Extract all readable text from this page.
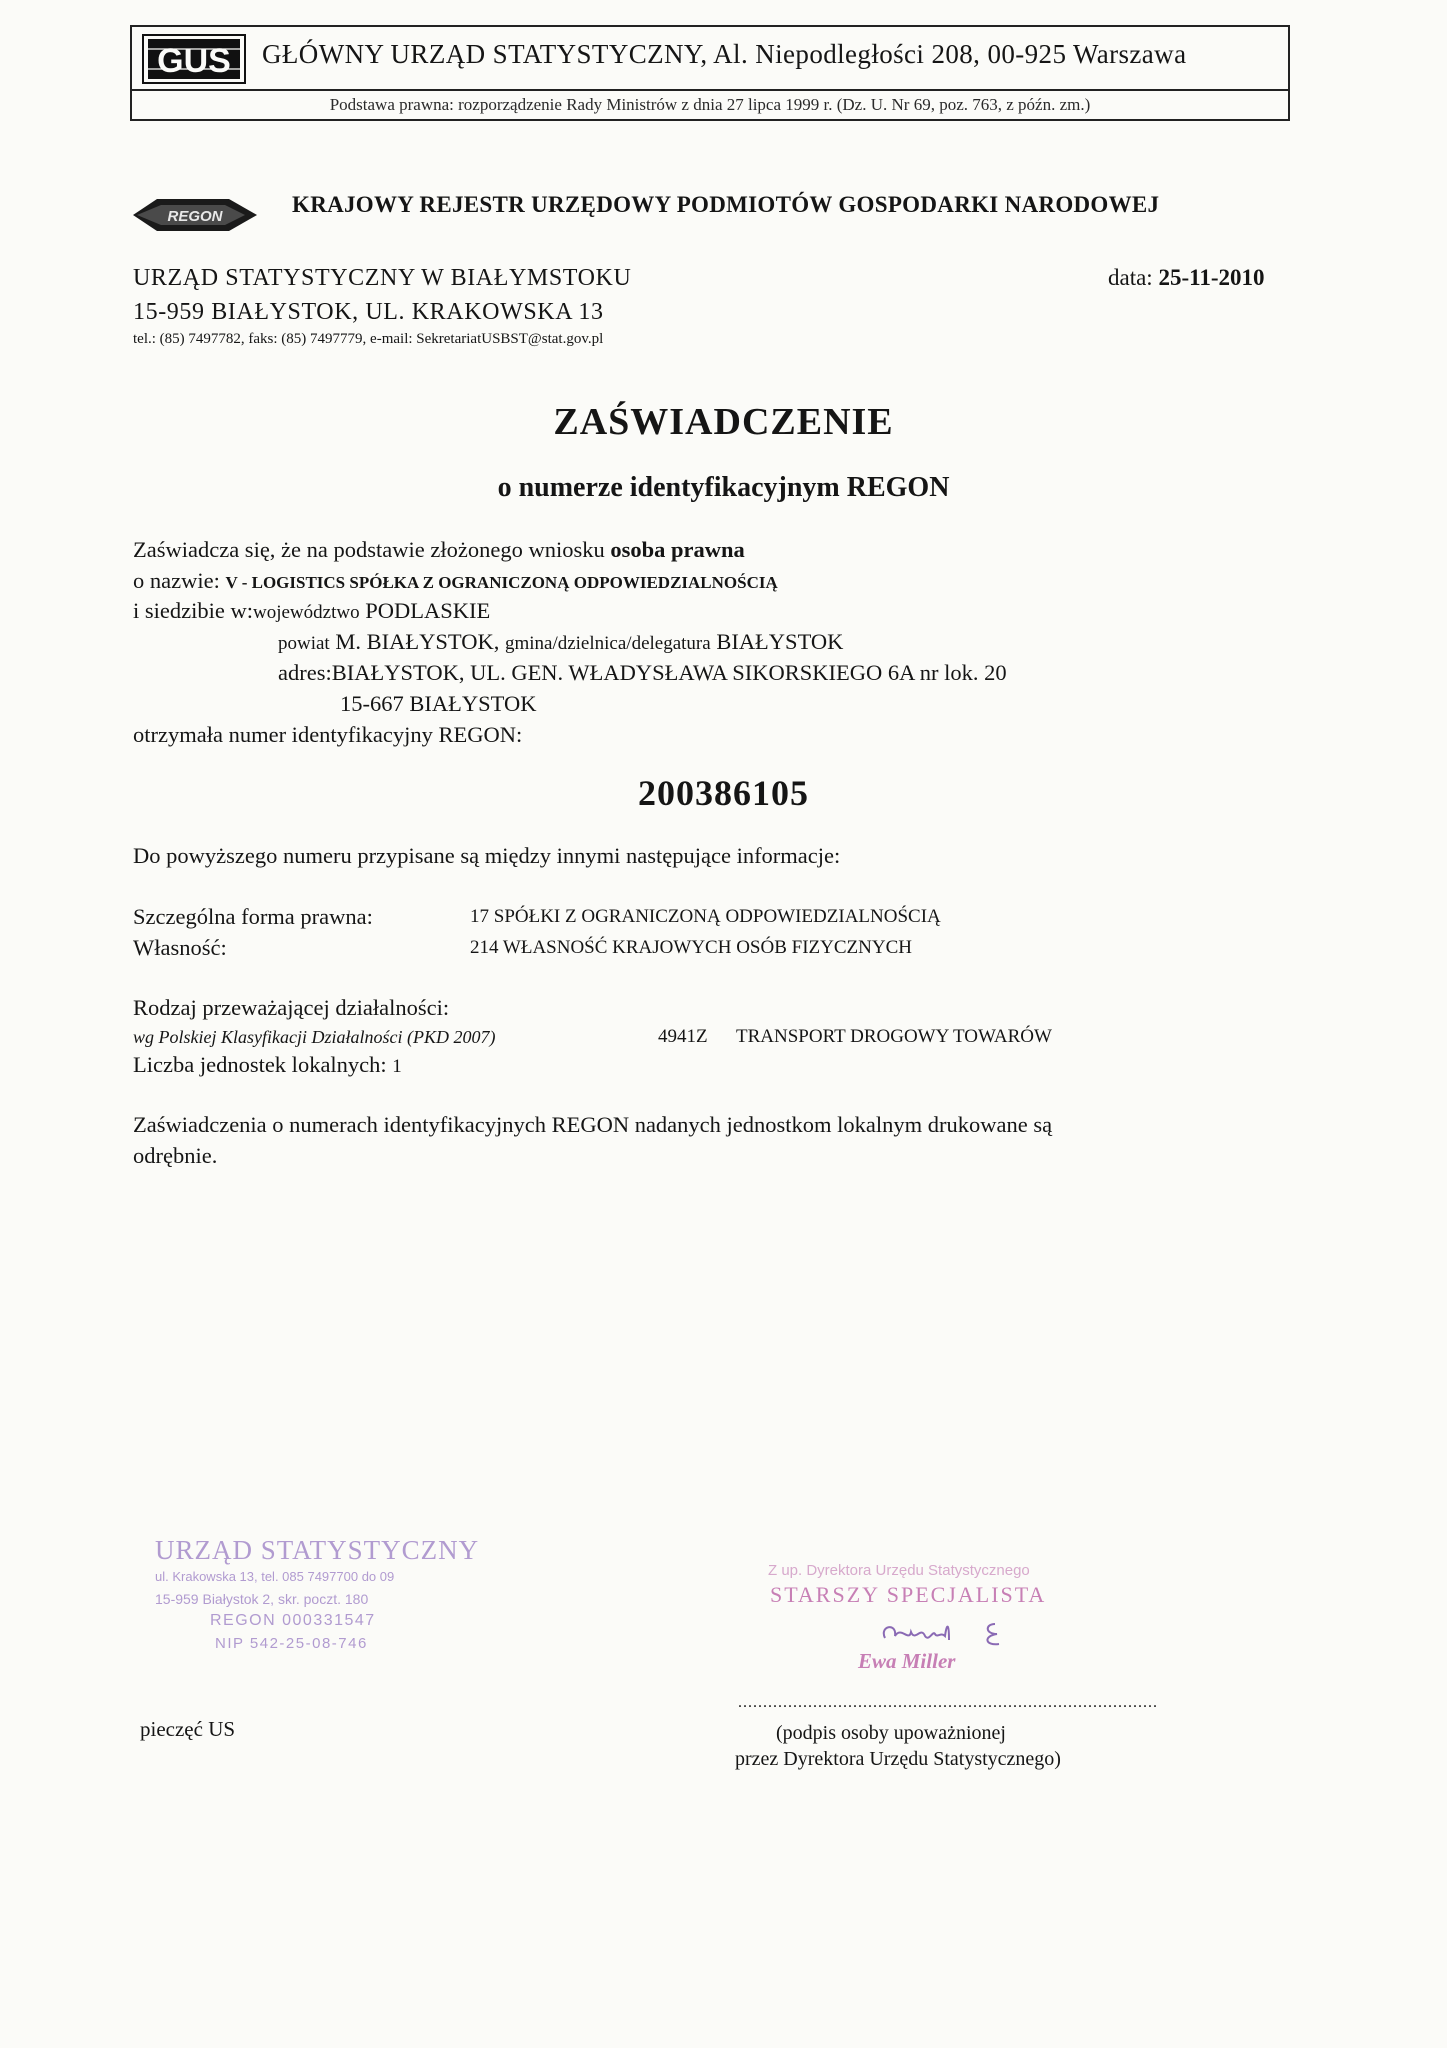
GUS GŁÓWNY URZĄD STATYSTYCZNY, Al. Niepodległości 208, 00-925 Warszawa
Podstawa prawna: rozporządzenie Rady Ministrów z dnia 27 lipca 1999 r. (Dz. U. Nr 69, poz. 763, z późn. zm.)
REGON	KRAJOWY REJESTR URZĘDOWY PODMIOTÓW GOSPODARKI NARODOWEJ
URZĄD STATYSTYCZNY W BIAŁYMSTOKU
15-959 BIAŁYSTOK, UL. KRAKOWSKA 13
tel.: (85) 7497782, faks: (85) 7497779, e-mail: SekretariatUSBST@stat.gov.pl
data: 25-11-2010
ZAŚWIADCZENIE
o numerze identyfikacyjnym REGON
Zaświadcza się, że na podstawie złożonego wniosku osoba prawna
o nazwie: V - LOGISTICS SPÓŁKA Z OGRANICZONĄ ODPOWIEDZIALNOŚCIĄ
i siedzibie w:województwo PODLASKIE
powiat M. BIAŁYSTOK, gmina/dzielnica/delegatura BIAŁYSTOK
adres:BIAŁYSTOK, UL. GEN. WŁADYSŁAWA SIKORSKIEGO 6A nr lok. 20
15-667 BIAŁYSTOK
otrzymała numer identyfikacyjny REGON:
200386105
Do powyższego numeru przypisane są między innymi następujące informacje:
Szczególna forma prawna:	17 SPÓŁKI Z OGRANICZONĄ ODPOWIEDZIALNOŚCIĄ
Własność:	214 WŁASNOŚĆ KRAJOWYCH OSÓB FIZYCZNYCH
Rodzaj przeważającej działalności:
wg Polskiej Klasyfikacji Działalności (PKD 2007)	4941Z TRANSPORT DROGOWY TOWARÓW
Liczba jednostek lokalnych: 1
Zaświadczenia o numerach identyfikacyjnych REGON nadanych jednostkom lokalnym drukowane są
odrębnie.
URZĄD STATYSTYCZNY
ul. Krakowska 13, tel. 085 7497700 do 09
15-959 Białystok 2, skr. poczt. 180
REGON 000331547
NIP 542-25-08-746
Z up. Dyrektora Urzędu Statystycznego
STARSZY SPECJALISTA
Ewa Miller
pieczęć US
....................................................................................
(podpis osoby upoważnionej
przez Dyrektora Urzędu Statystycznego)
